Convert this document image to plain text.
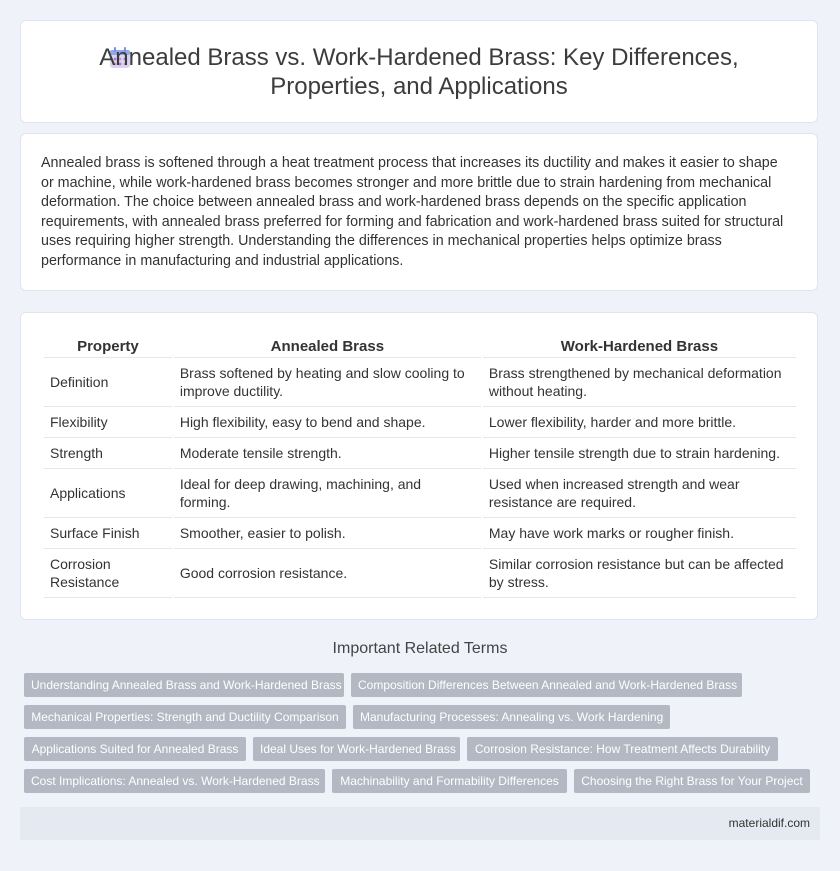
Annealed Brass vs. Work-Hardened Brass: Key Differences, Properties, and Applications

Annealed brass is softened through a heat treatment process that increases its ductility and makes it easier to shape or machine, while work-hardened brass becomes stronger and more brittle due to strain hardening from mechanical deformation. The choice between annealed brass and work-hardened brass depends on the specific application requirements, with annealed brass preferred for forming and fabrication and work-hardened brass suited for structural uses requiring higher strength. Understanding the differences in mechanical properties helps optimize brass performance in manufacturing and industrial applications.

Property	Annealed Brass	Work-Hardened Brass
Definition	Brass softened by heating and slow cooling to improve ductility.	Brass strengthened by mechanical deformation without heating.
Flexibility	High flexibility, easy to bend and shape.	Lower flexibility, harder and more brittle.
Strength	Moderate tensile strength.	Higher tensile strength due to strain hardening.
Applications	Ideal for deep drawing, machining, and forming.	Used when increased strength and wear resistance are required.
Surface Finish	Smoother, easier to polish.	May have work marks or rougher finish.
Corrosion Resistance	Good corrosion resistance.	Similar corrosion resistance but can be affected by stress.
Important Related Terms
Understanding Annealed Brass and Work-Hardened Brass	Composition Differences Between Annealed and Work-Hardened Brass
Mechanical Properties: Strength and Ductility Comparison	Manufacturing Processes: Annealing vs. Work Hardening
Applications Suited for Annealed Brass	Ideal Uses for Work-Hardened Brass	Corrosion Resistance: How Treatment Affects Durability
Cost Implications: Annealed vs. Work-Hardened Brass	Machinability and Formability Differences	Choosing the Right Brass for Your Project
materialdif.com
